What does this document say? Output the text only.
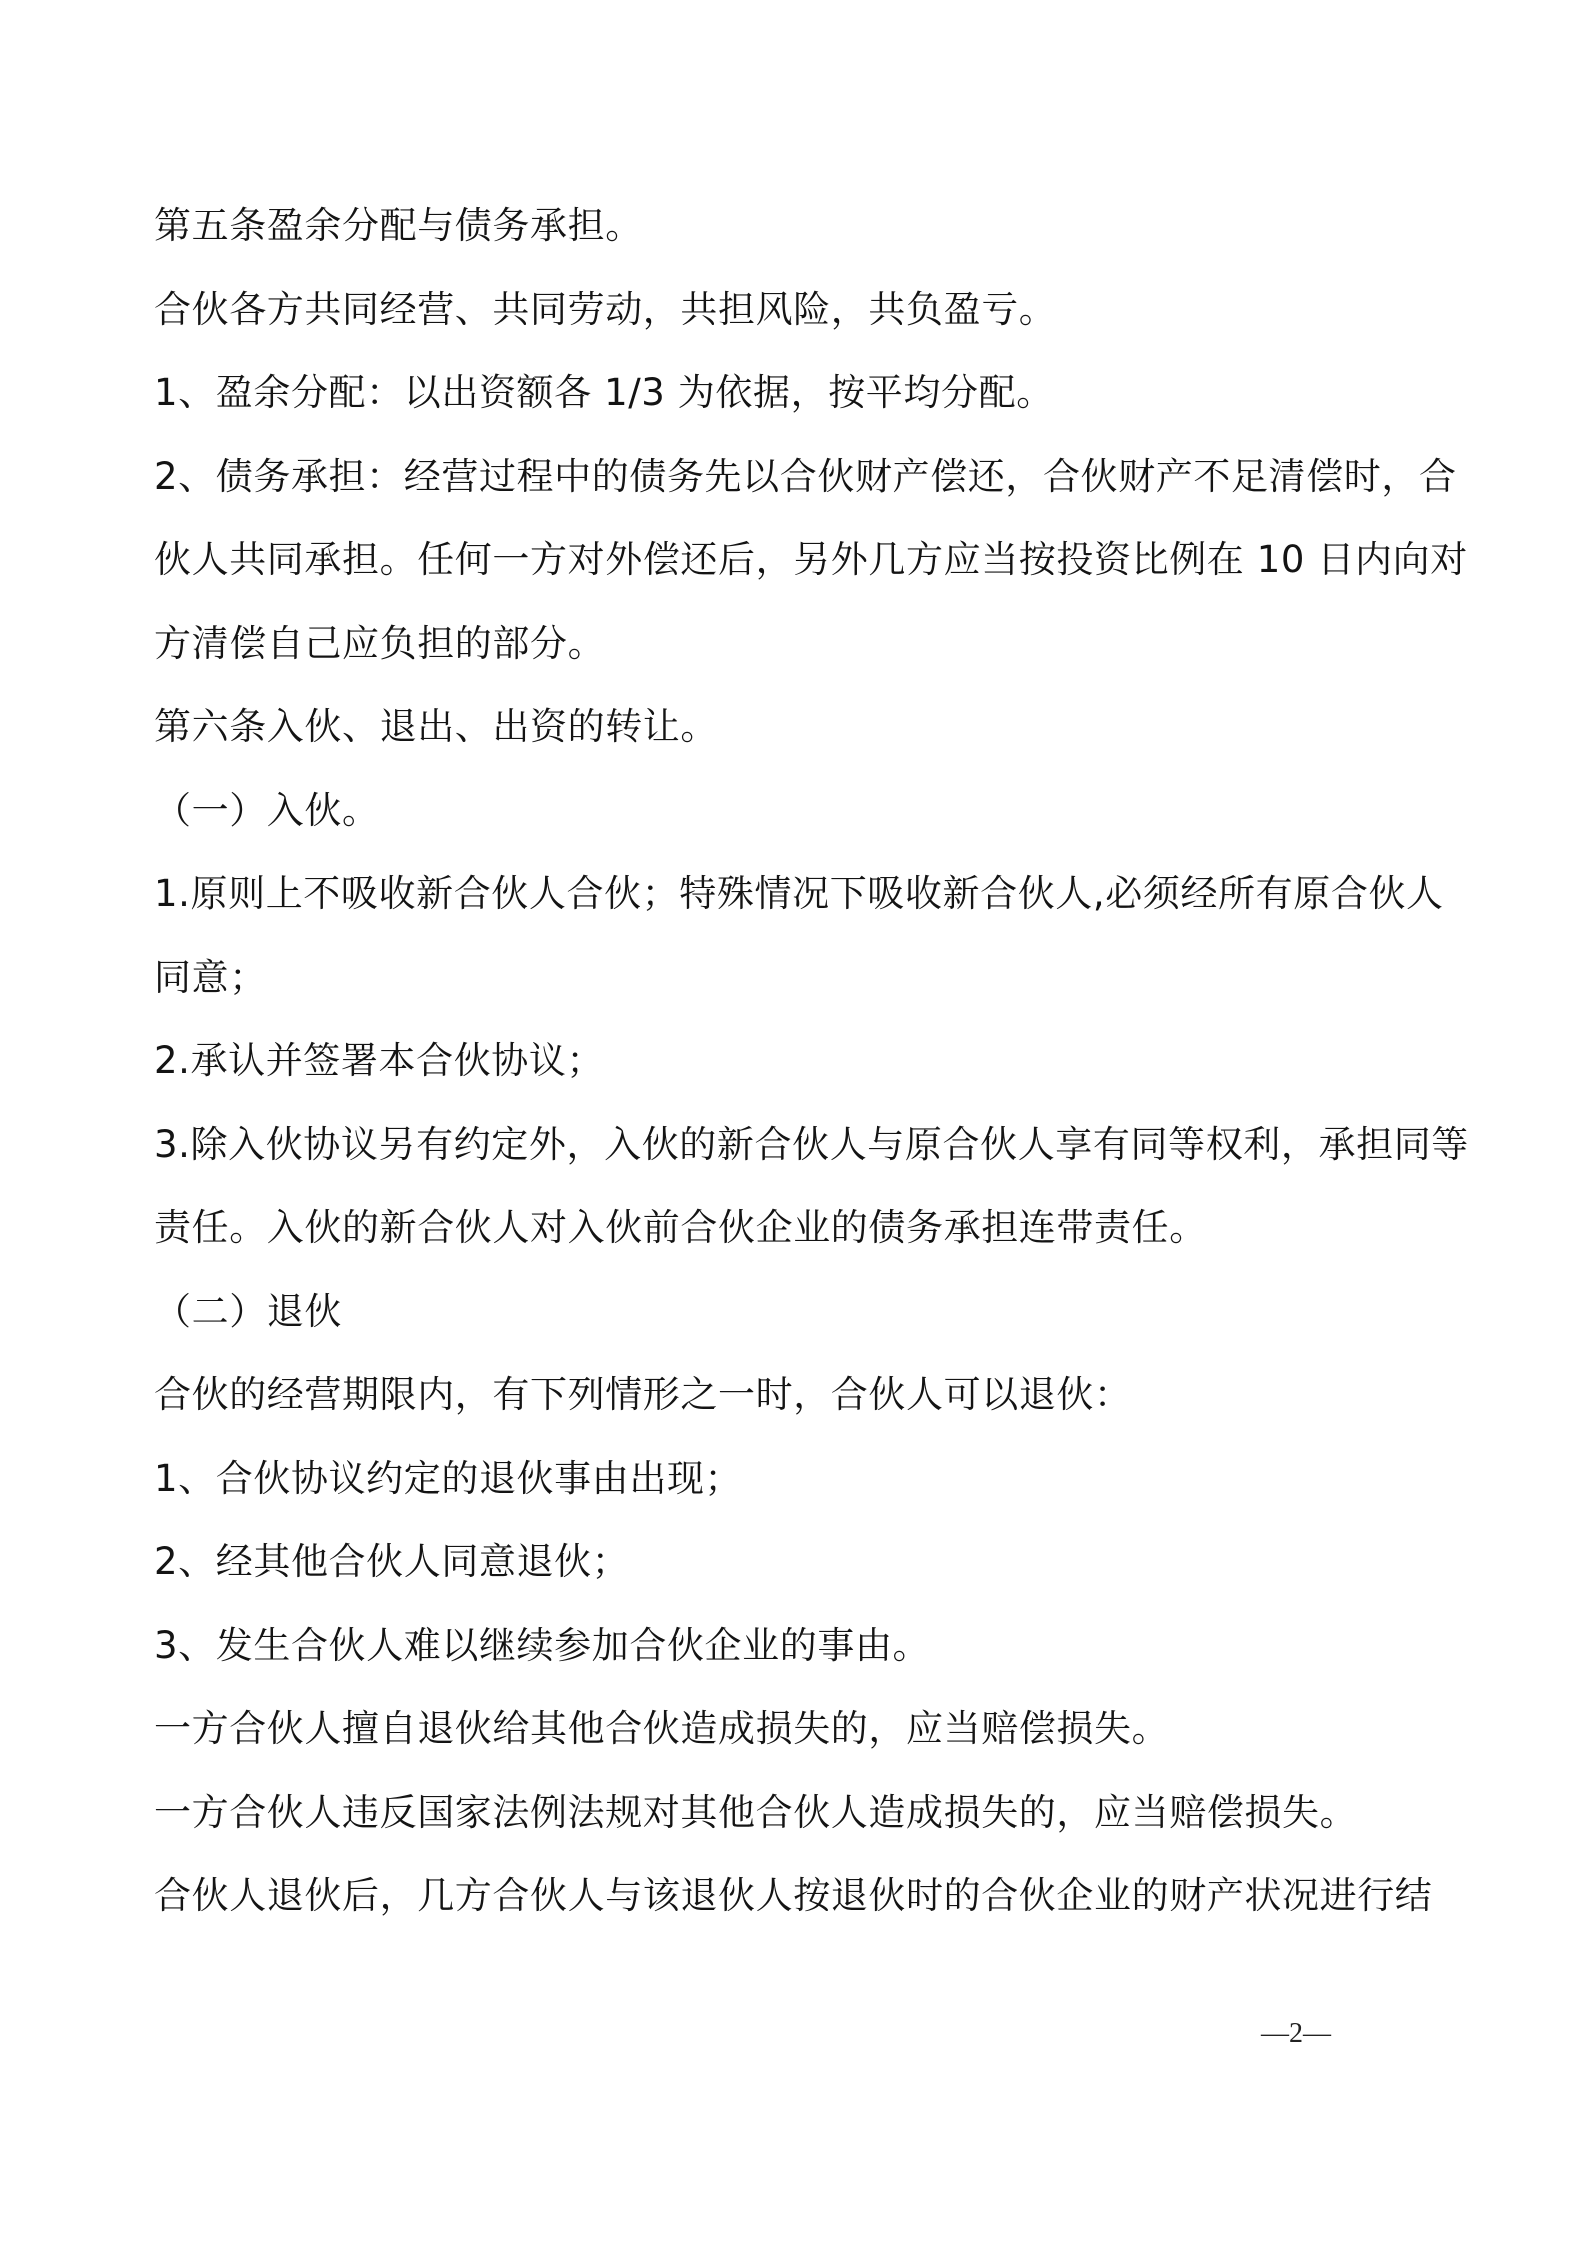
第五条盈余分配与债务承担。
合伙各方共同经营、共同劳动，共担风险，共负盈亏。
1、盈余分配：以出资额各 1/3 为依据，按平均分配。
2、债务承担：经营过程中的债务先以合伙财产偿还，合伙财产不足清偿时，合
伙人共同承担。任何一方对外偿还后，另外几方应当按投资比例在 10 日内向对
方清偿自己应负担的部分。
第六条入伙、退出、出资的转让。
（一）入伙。
1.原则上不吸收新合伙人合伙；特殊情况下吸收新合伙人,必须经所有原合伙人
同意；
2.承认并签署本合伙协议；
3.除入伙协议另有约定外，入伙的新合伙人与原合伙人享有同等权利，承担同等
责任。入伙的新合伙人对入伙前合伙企业的债务承担连带责任。
（二）退伙
合伙的经营期限内，有下列情形之一时，合伙人可以退伙：
1、合伙协议约定的退伙事由出现；
2、经其他合伙人同意退伙；
3、发生合伙人难以继续参加合伙企业的事由。
一方合伙人擅自退伙给其他合伙造成损失的，应当赔偿损失。
一方合伙人违反国家法例法规对其他合伙人造成损失的，应当赔偿损失。
合伙人退伙后，几方合伙人与该退伙人按退伙时的合伙企业的财产状况进行结
—2—
